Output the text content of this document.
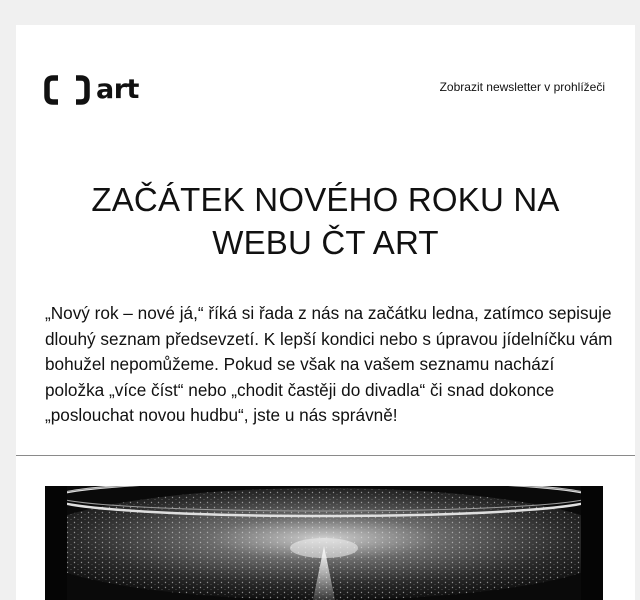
art	Zobrazit newsletter v prohlížeči
ZAČÁTEK NOVÉHO ROKU NA
WEBU ČT ART

„Nový rok – nové já,“ říká si řada z nás na začátku ledna, zatímco sepisuje dlouhý seznam předsevzetí. K lepší kondici nebo s úpravou jídelníčku vám bohužel nepomůžeme. Pokud se však na vašem seznamu nachází položka „více číst“ nebo „chodit častěji do divadla“ či snad dokonce „poslouchat novou hudbu“, jste u nás správně!
